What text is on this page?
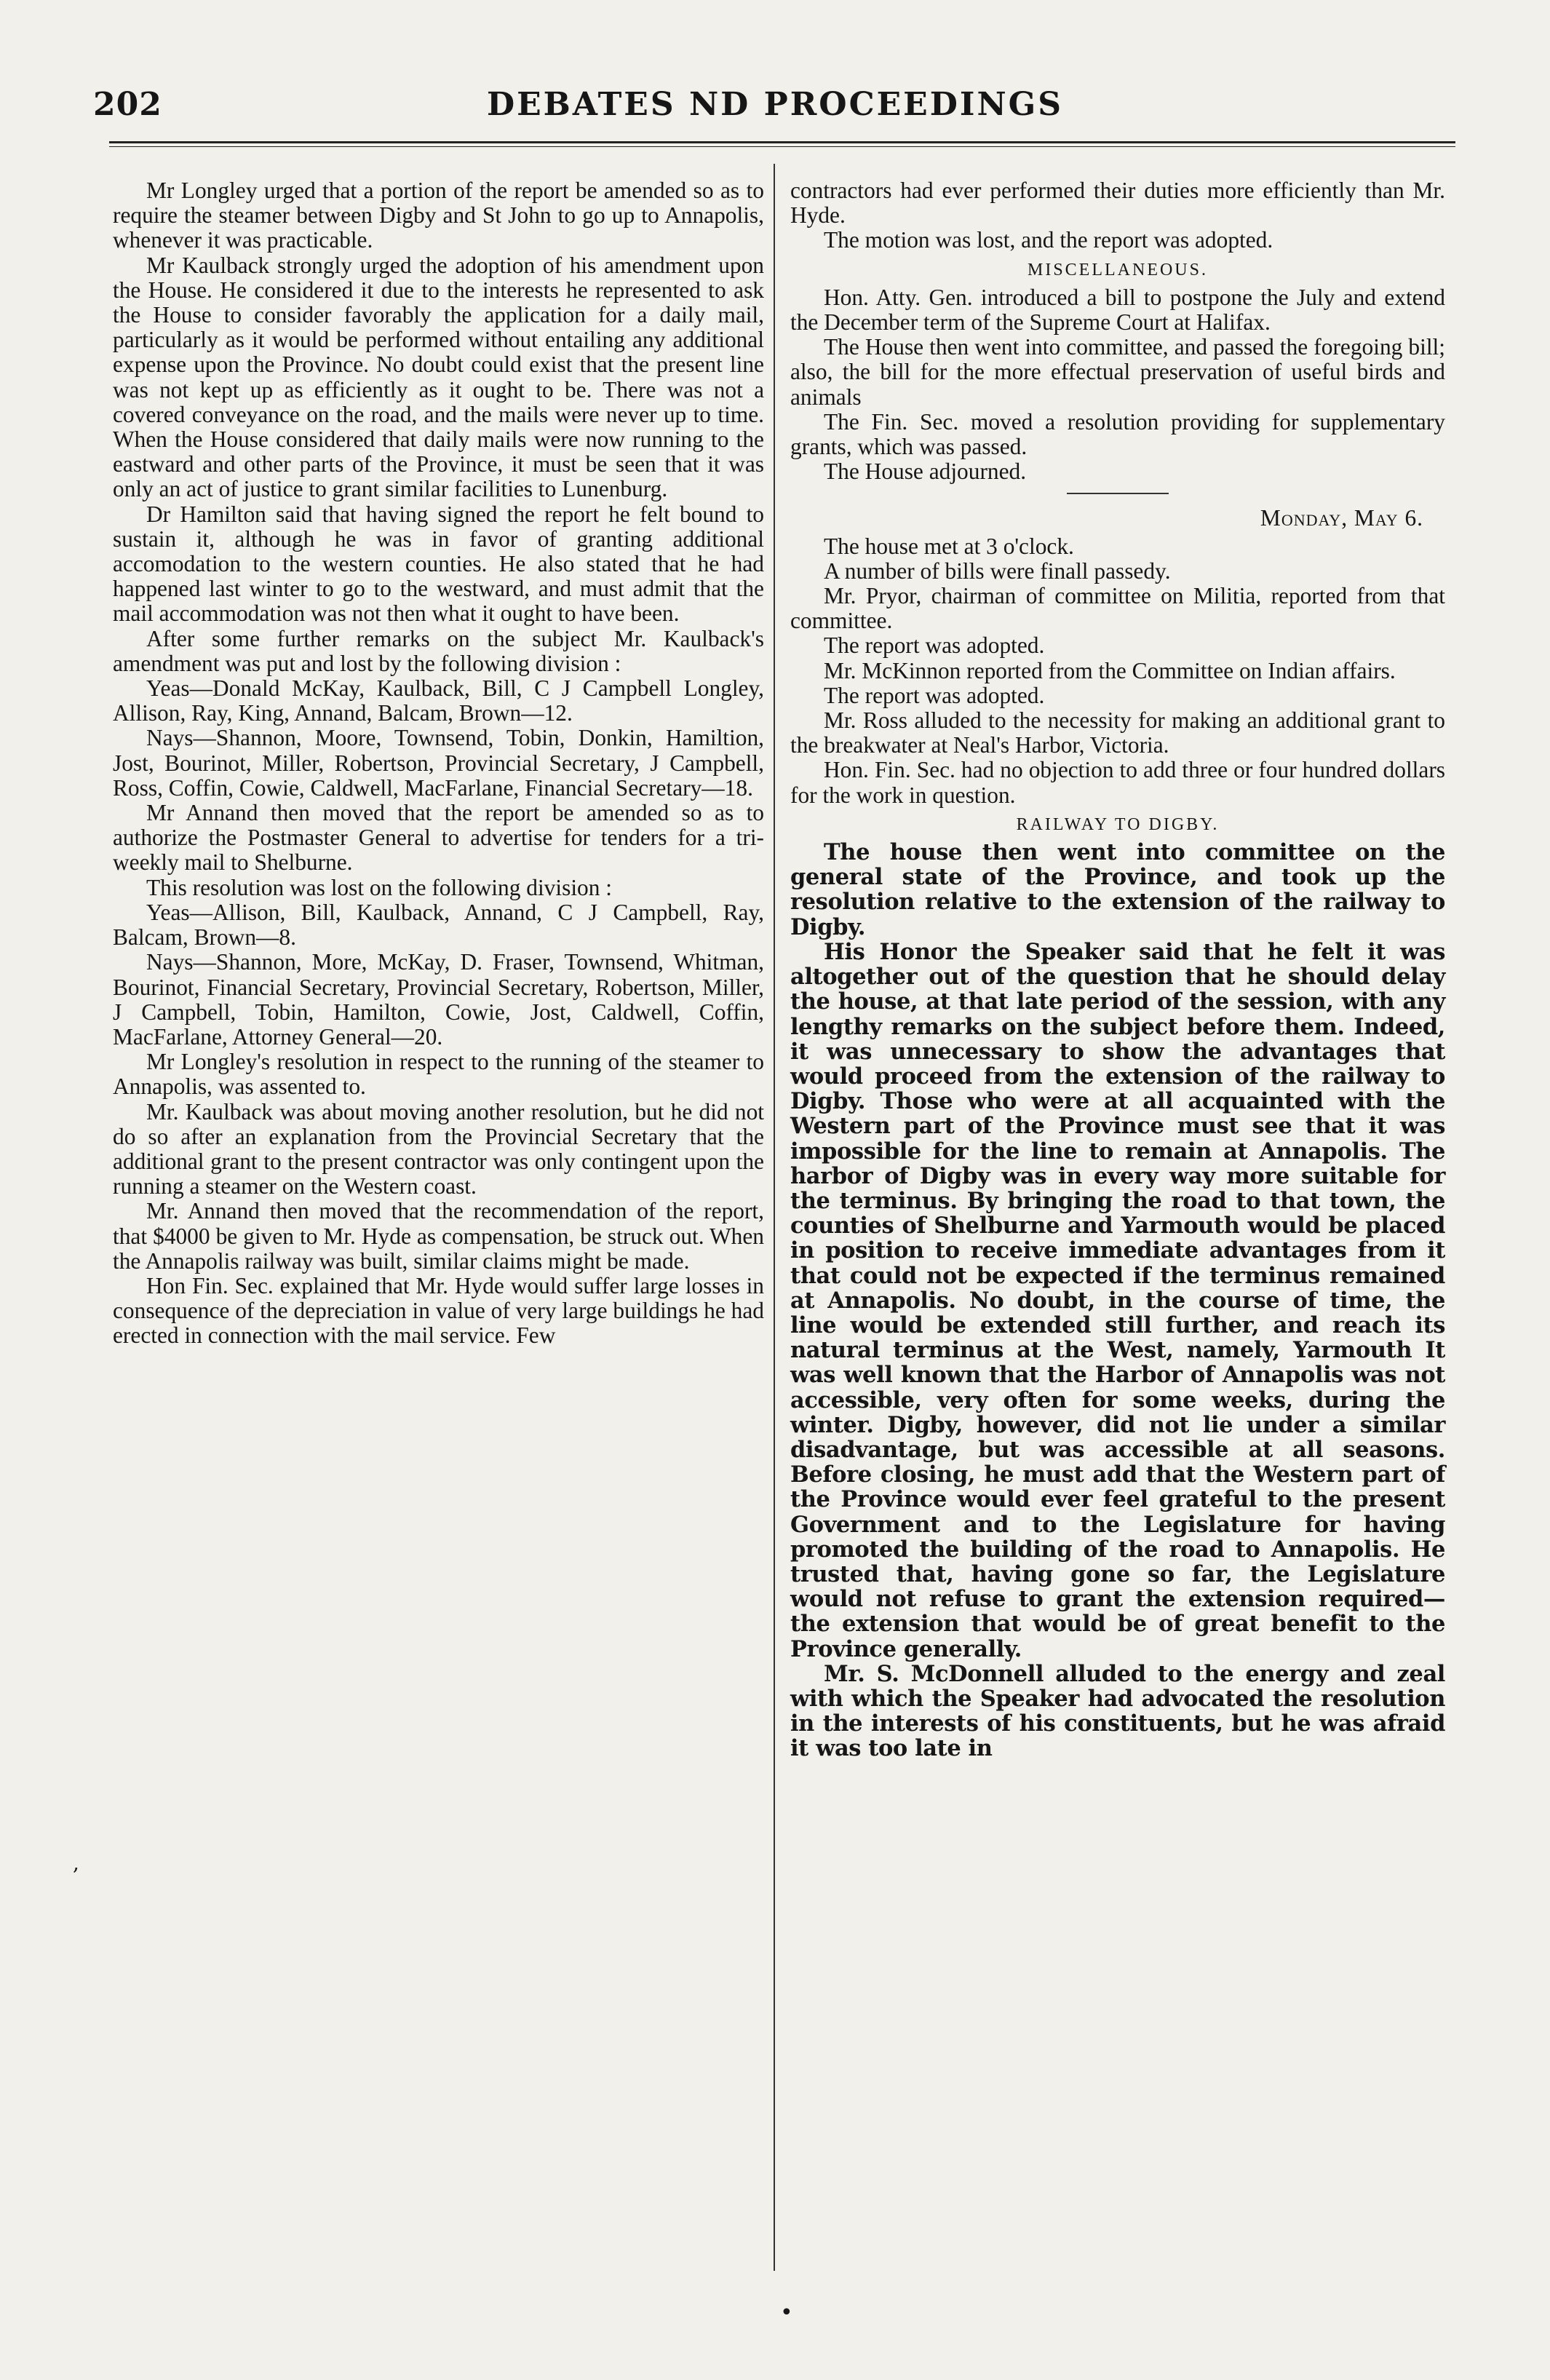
202	DEBATES ND PROCEEDINGS

Mr Longley urged that a portion of the report be amended so as to require the steamer between Digby and St John to go up to Annapolis, whenever it was practicable.

Mr Kaulback strongly urged the adoption of his amendment upon the House. He considered it due to the interests he represented to ask the House to consider favorably the application for a daily mail, particularly as it would be performed without entailing any additional expense upon the Province. No doubt could exist that the present line was not kept up as efficiently as it ought to be. There was not a covered conveyance on the road, and the mails were never up to time. When the House considered that daily mails were now running to the eastward and other parts of the Province, it must be seen that it was only an act of justice to grant similar facilities to Lunenburg.

Dr Hamilton said that having signed the report he felt bound to sustain it, although he was in favor of granting additional accomodation to the western counties. He also stated that he had happened last winter to go to the westward, and must admit that the mail accommodation was not then what it ought to have been.

After some further remarks on the subject Mr. Kaulback's amendment was put and lost by the following division :

Yeas—Donald McKay, Kaulback, Bill, C J Campbell Longley, Allison, Ray, King, Annand, Balcam, Brown—12.

Nays—Shannon, Moore, Townsend, Tobin, Donkin, Hamiltion, Jost, Bourinot, Miller, Robertson, Provincial Secretary, J Campbell, Ross, Coffin, Cowie, Caldwell, MacFarlane, Financial Secretary—18.

Mr Annand then moved that the report be amended so as to authorize the Postmaster General to advertise for tenders for a tri-weekly mail to Shelburne.

This resolution was lost on the following division :

Yeas—Allison, Bill, Kaulback, Annand, C J Campbell, Ray, Balcam, Brown—8.

Nays—Shannon, More, McKay, D. Fraser, Townsend, Whitman, Bourinot, Financial Secretary, Provincial Secretary, Robertson, Miller, J Campbell, Tobin, Hamilton, Cowie, Jost, Caldwell, Coffin, MacFarlane, Attorney General—20.

Mr Longley's resolution in respect to the running of the steamer to Annapolis, was assented to.

Mr. Kaulback was about moving another resolution, but he did not do so after an explanation from the Provincial Secretary that the additional grant to the present contractor was only contingent upon the running a steamer on the Western coast.

Mr. Annand then moved that the recommendation of the report, that $4000 be given to Mr. Hyde as compensation, be struck out. When the Annapolis railway was built, similar claims might be made.

Hon Fin. Sec. explained that Mr. Hyde would suffer large losses in consequence of the depreciation in value of very large buildings he had erected in connection with the mail service. Few

contractors had ever performed their duties more efficiently than Mr. Hyde.

The motion was lost, and the report was adopted.

MISCELLANEOUS.

Hon. Atty. Gen. introduced a bill to postpone the July and extend the December term of the Supreme Court at Halifax.

The House then went into committee, and passed the foregoing bill; also, the bill for the more effectual preservation of useful birds and animals

The Fin. Sec. moved a resolution providing for supplementary grants, which was passed.

The House adjourned.

Monday, May 6.

The house met at 3 o'clock.

A number of bills were finall passedy.

Mr. Pryor, chairman of committee on Militia, reported from that committee.

The report was adopted.

Mr. McKinnon reported from the Committee on Indian affairs.

The report was adopted.

Mr. Ross alluded to the necessity for making an additional grant to the breakwater at Neal's Harbor, Victoria.

Hon. Fin. Sec. had no objection to add three or four hundred dollars for the work in question.

RAILWAY TO DIGBY.

The house then went into committee on the general state of the Province, and took up the resolution relative to the extension of the railway to Digby.

His Honor the Speaker said that he felt it was altogether out of the question that he should delay the house, at that late period of the session, with any lengthy remarks on the subject before them. Indeed, it was unnecessary to show the advantages that would proceed from the extension of the railway to Digby. Those who were at all acquainted with the Western part of the Province must see that it was impossible for the line to remain at Annapolis. The harbor of Digby was in every way more suitable for the terminus. By bringing the road to that town, the counties of Shelburne and Yarmouth would be placed in position to receive immediate advantages from it that could not be expected if the terminus remained at Annapolis. No doubt, in the course of time, the line would be extended still further, and reach its natural terminus at the West, namely, Yarmouth It was well known that the Harbor of Annapolis was not accessible, very often for some weeks, during the winter. Digby, however, did not lie under a similar disadvantage, but was accessible at all seasons. Before closing, he must add that the Western part of the Province would ever feel grateful to the present Government and to the Legislature for having promoted the building of the road to Annapolis. He trusted that, having gone so far, the Legislature would not refuse to grant the extension required—the extension that would be of great benefit to the Province generally.

Mr. S. McDonnell alluded to the energy and zeal with which the Speaker had advocated the resolution in the interests of his constituents, but he was afraid it was too late in

•
,
